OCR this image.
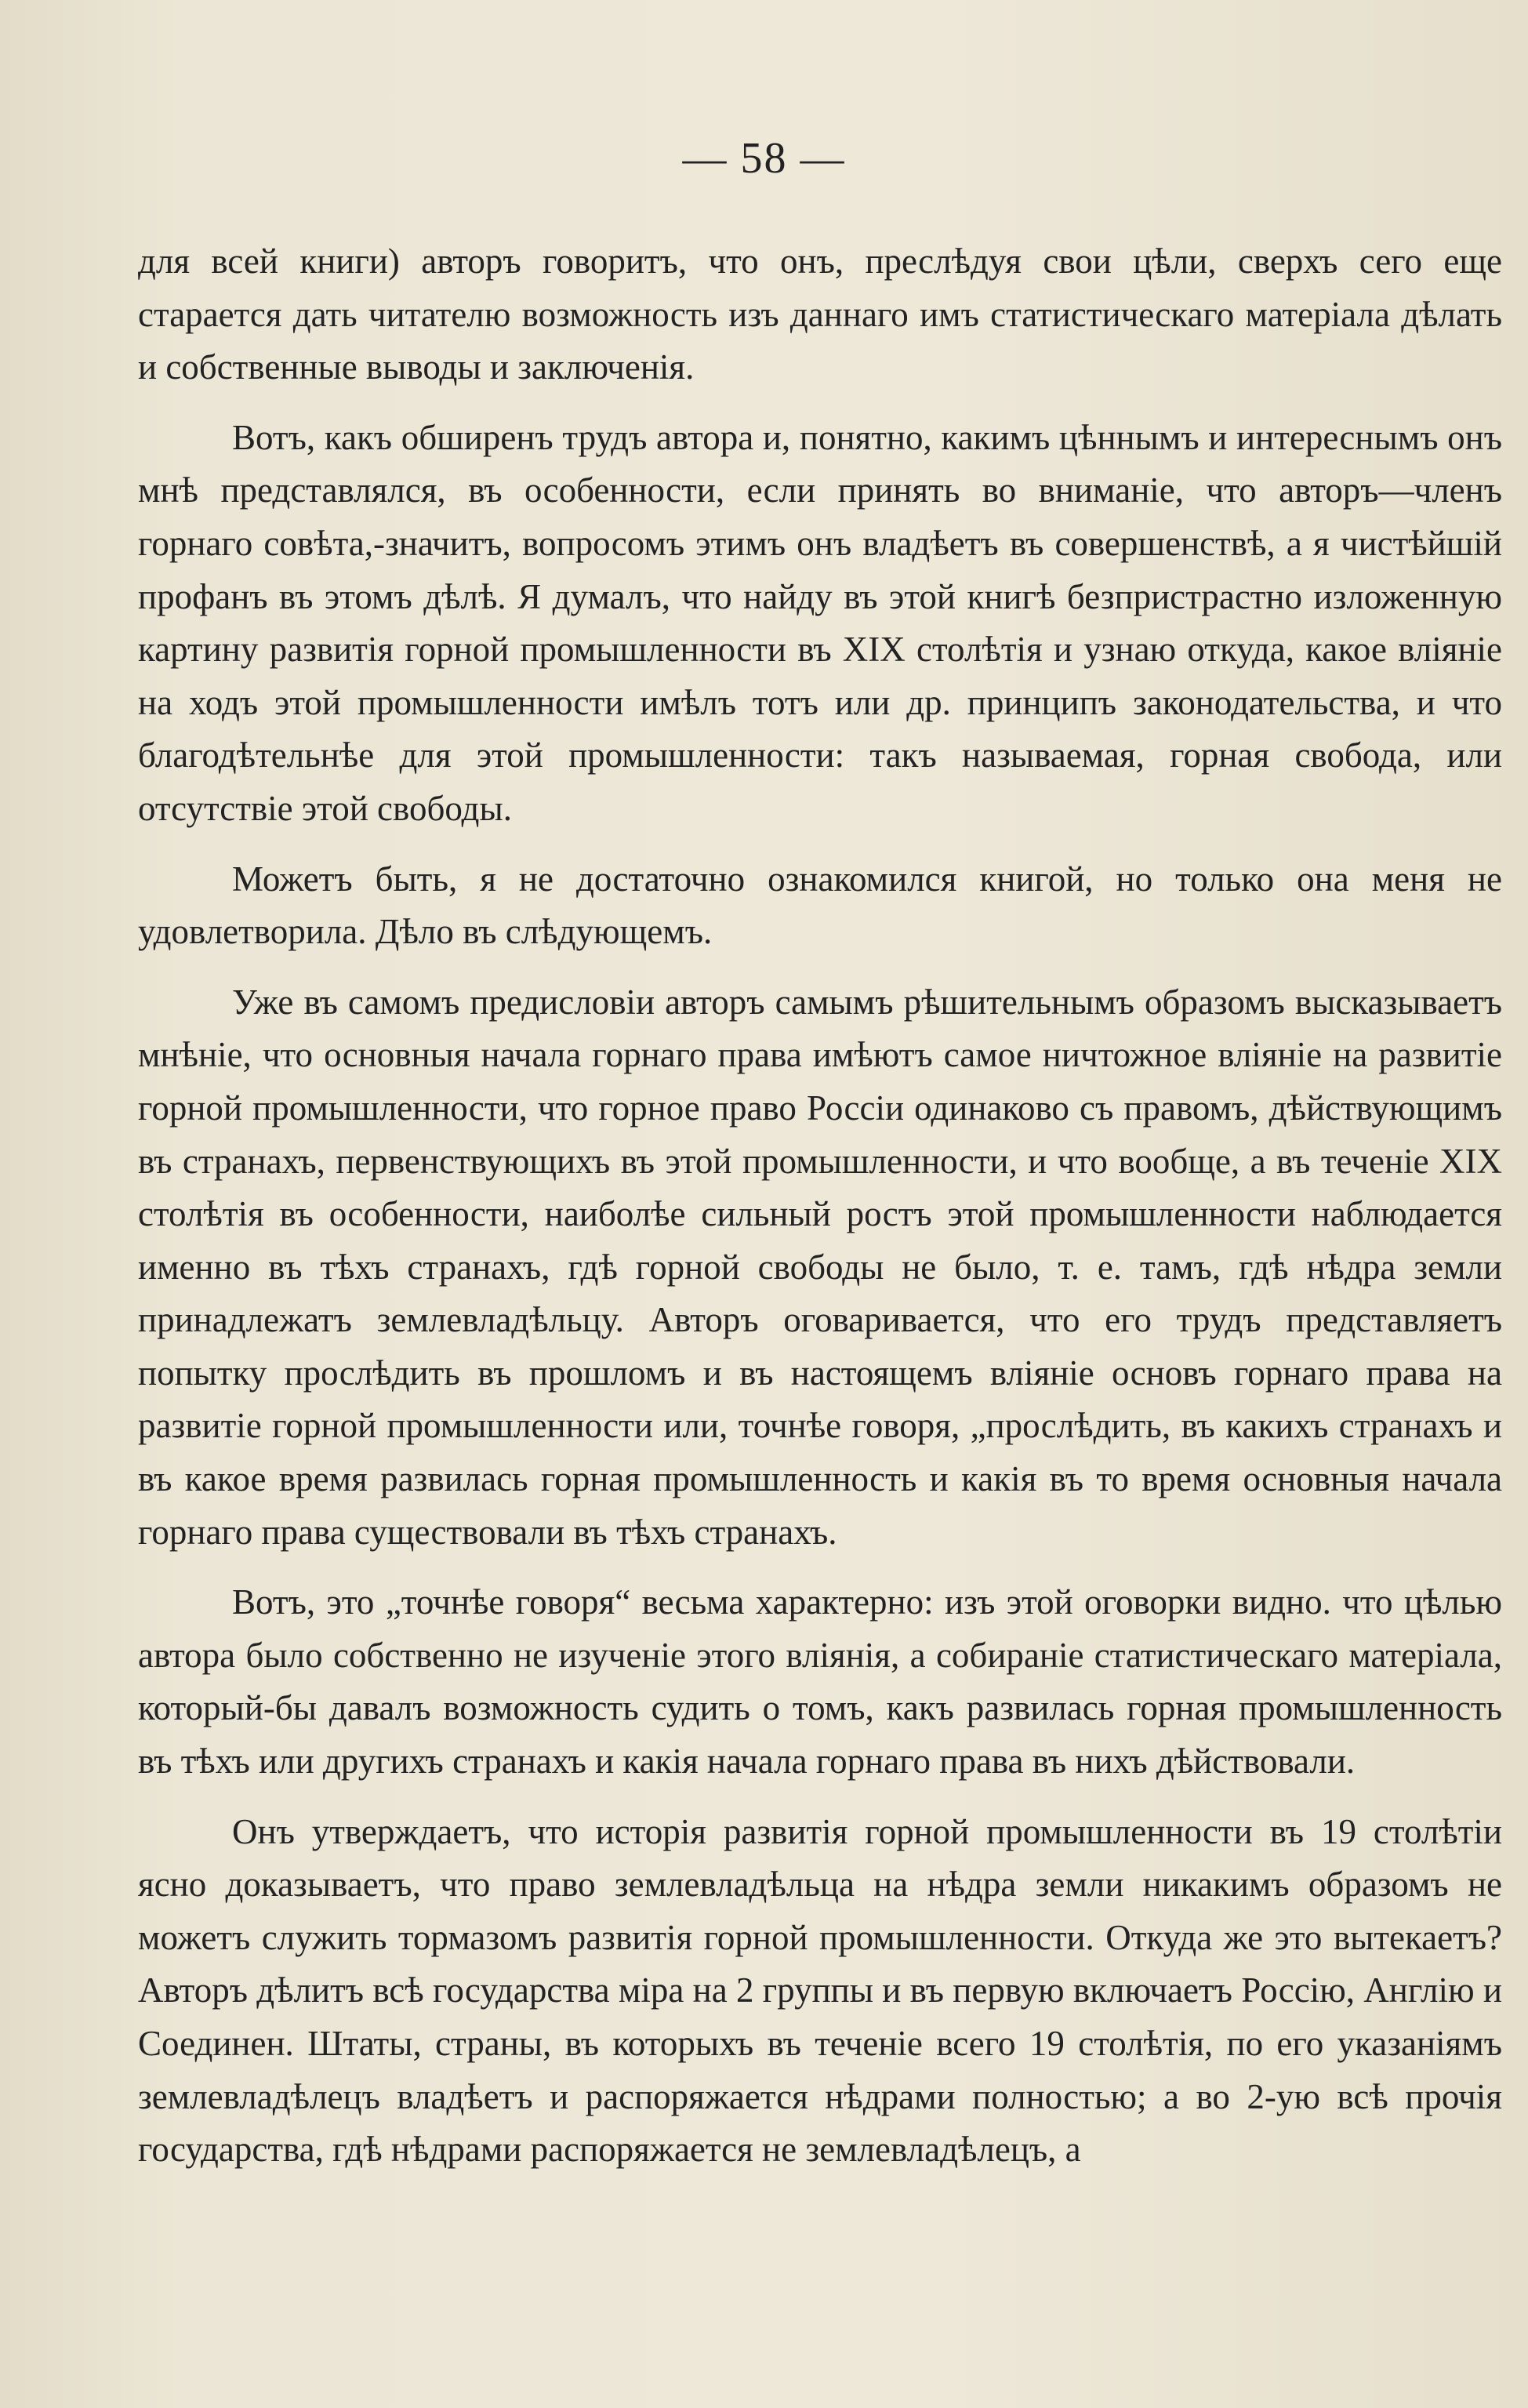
— 58 —

для всей книги) авторъ говоритъ, что онъ, преслѣдуя свои цѣли, сверхъ сего еще старается дать читателю возможность изъ даннаго имъ статистическаго матеріала дѣлать и собственные выводы и заключенія.

Вотъ, какъ обширенъ трудъ автора и, понятно, какимъ цѣннымъ и интереснымъ онъ мнѣ представлялся, въ особенности, если принять во вниманіе, что авторъ—членъ горнаго совѣта,-значитъ, вопросомъ этимъ онъ владѣетъ въ совершенствѣ, а я чистѣйшій профанъ въ этомъ дѣлѣ. Я думалъ, что найду въ этой книгѣ безпристрастно изложенную картину развитія горной промышленности въ XIX столѣтія и узнаю откуда, какое вліяніе на ходъ этой промышленности имѣлъ тотъ или др. принципъ законодательства, и что благодѣтельнѣе для этой промышленности: такъ называемая, горная свобода, или отсутствіе этой свободы.

Можетъ быть, я не достаточно ознакомился книгой, но только она меня не удовлетворила. Дѣло въ слѣдующемъ.

Уже въ самомъ предисловіи авторъ самымъ рѣшительнымъ образомъ высказываетъ мнѣніе, что основныя начала горнаго права имѣютъ самое ничтожное вліяніе на развитіе горной промышленности, что горное право Россіи одинаково съ правомъ, дѣйствующимъ въ странахъ, первенствующихъ въ этой промышленности, и что вообще, а въ теченіе XIX столѣтія въ особенности, наиболѣе сильный ростъ этой промышленности наблюдается именно въ тѣхъ странахъ, гдѣ горной свободы не было, т. е. тамъ, гдѣ нѣдра земли принадлежатъ землевладѣльцу. Авторъ оговаривается, что его трудъ представляетъ попытку прослѣдить въ прошломъ и въ настоящемъ вліяніе основъ горнаго права на развитіе горной промышленности или, точнѣе говоря, „прослѣдить, въ какихъ странахъ и въ какое время развилась горная промышленность и какія въ то время основныя начала горнаго права существовали въ тѣхъ странахъ.

Вотъ, это „точнѣе говоря“ весьма характерно: изъ этой оговорки видно. что цѣлью автора было собственно не изученіе этого вліянія, а собираніе статистическаго матеріала, который-бы давалъ возможность судить о томъ, какъ развилась горная промышленность въ тѣхъ или другихъ странахъ и какія начала горнаго права въ нихъ дѣйствовали.

Онъ утверждаетъ, что исторія развитія горной промышленности въ 19 столѣтіи ясно доказываетъ, что право землевладѣльца на нѣдра земли никакимъ образомъ не можетъ служить тормазомъ развитія горной промышленности. Откуда же это вытекаетъ? Авторъ дѣлитъ всѣ государства міра на 2 группы и въ первую включаетъ Россію, Англію и Соединен. Штаты, страны, въ которыхъ въ теченіе всего 19 столѣтія, по его указаніямъ землевладѣлецъ владѣетъ и распоряжается нѣдрами полностью; а во 2-ую всѣ прочія государства, гдѣ нѣдрами распоряжается не землевладѣлецъ, а
